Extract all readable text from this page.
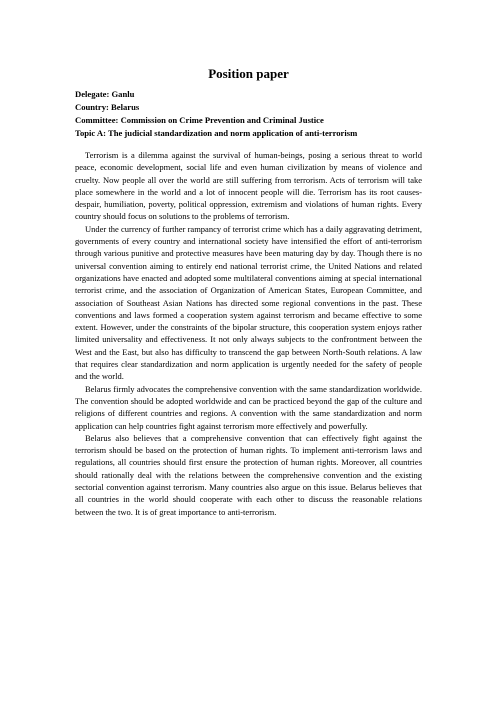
Position paper

Delegate: Ganlu

Country: Belarus

Committee: Commission on Crime Prevention and Criminal Justice

Topic A: The judicial standardization and norm application of anti-terrorism

Terrorism is a dilemma against the survival of human-beings, posing a serious threat to world peace, economic development, social life and even human civilization by means of violence and cruelty. Now people all over the world are still suffering from terrorism. Acts of terrorism will take place somewhere in the world and a lot of innocent people will die. Terrorism has its root causes-despair, humiliation, poverty, political oppression, extremism and violations of human rights. Every country should focus on solutions to the problems of terrorism.

Under the currency of further rampancy of terrorist crime which has a daily aggravating detriment, governments of every country and international society have intensified the effort of anti-terrorism through various punitive and protective measures have been maturing day by day. Though there is no universal convention aiming to entirely end national terrorist crime, the United Nations and related organizations have enacted and adopted some multilateral conventions aiming at special international terrorist crime, and the association of Organization of American States, European Committee, and association of Southeast Asian Nations has directed some regional conventions in the past. These conventions and laws formed a cooperation system against terrorism and became effective to some extent. However, under the constraints of the bipolar structure, this cooperation system enjoys rather limited universality and effectiveness. It not only always subjects to the confrontment between the West and the East, but also has difficulty to transcend the gap between North-South relations. A law that requires clear standardization and norm application is urgently needed for the safety of people and the world.

Belarus firmly advocates the comprehensive convention with the same standardization worldwide. The convention should be adopted worldwide and can be practiced beyond the gap of the culture and religions of different countries and regions. A convention with the same standardization and norm application can help countries fight against terrorism more effectively and powerfully.

Belarus also believes that a comprehensive convention that can effectively fight against the terrorism should be based on the protection of human rights. To implement anti-terrorism laws and regulations, all countries should first ensure the protection of human rights. Moreover, all countries should rationally deal with the relations between the comprehensive convention and the existing sectorial convention against terrorism. Many countries also argue on this issue. Belarus believes that all countries in the world should cooperate with each other to discuss the reasonable relations between the two. It is of great importance to anti-terrorism.
